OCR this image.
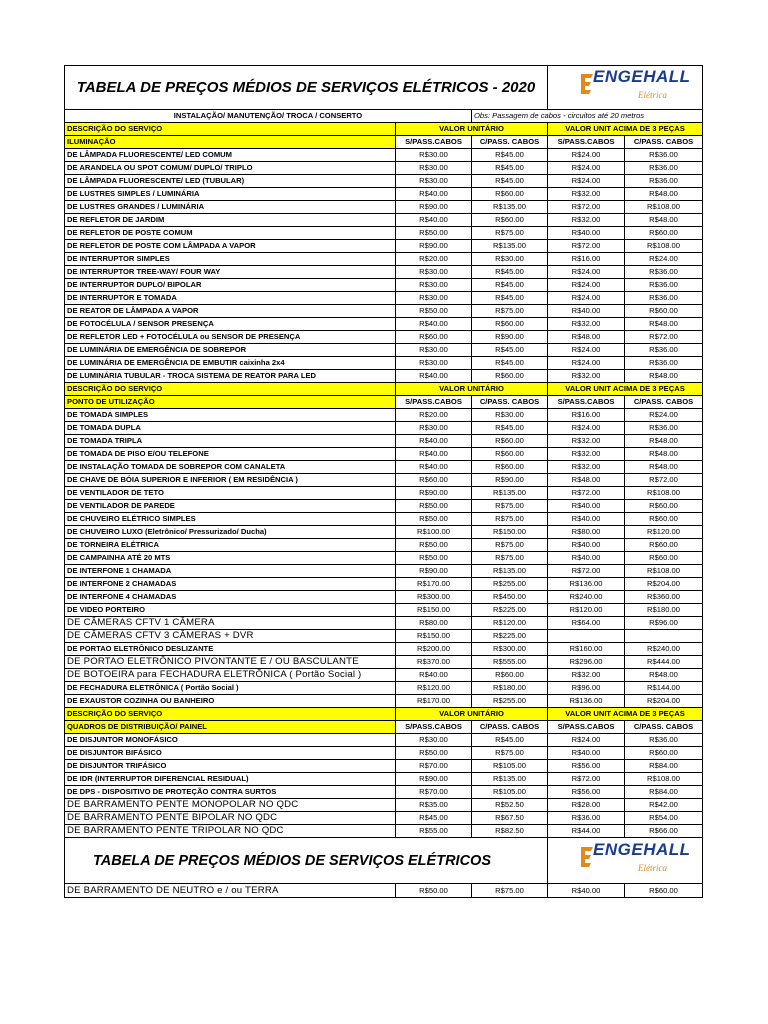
TABELA DE PREÇOS MÉDIOS DE SERVIÇOS ELÉTRICOS - 2020			ENGEHALL
Elétrica	

INSTALAÇÃO/ MANUTENÇÃO/ TROCA / CONSERTO		Obs: Passagem de cabos - circuitos até 20 metros		
DESCRIÇÃO DO SERVIÇO	VALOR UNITÁRIO		VALOR UNIT ACIMA DE 3 PEÇAS	
ILUMINAÇÃO	S/PASS.CABOS	C/PASS. CABOS	S/PASS.CABOS	C/PASS. CABOS
DE LÂMPADA FLUORESCENTE/ LED COMUM	R$30.00	R$45.00	R$24.00	R$36.00
DE ARANDELA OU SPOT COMUM/ DUPLO/ TRIPLO	R$30.00	R$45.00	R$24.00	R$36.00
DE LÂMPADA FLUORESCENTE/ LED (TUBULAR)	R$30.00	R$45.00	R$24.00	R$36.00
DE LUSTRES SIMPLES / LUMINÁRIA	R$40.00	R$60.00	R$32.00	R$48.00
DE LUSTRES GRANDES / LUMINÁRIA	R$90.00	R$135.00	R$72.00	R$108.00
DE REFLETOR DE JARDIM	R$40.00	R$60.00	R$32.00	R$48.00
DE REFLETOR DE POSTE COMUM	R$50.00	R$75.00	R$40.00	R$60.00
DE REFLETOR DE POSTE COM LÂMPADA A VAPOR	R$90.00	R$135.00	R$72.00	R$108.00
DE INTERRUPTOR SIMPLES	R$20.00	R$30.00	R$16.00	R$24.00
DE INTERRUPTOR TREE-WAY/ FOUR WAY	R$30.00	R$45.00	R$24.00	R$36.00
DE INTERRUPTOR DUPLO/ BIPOLAR	R$30.00	R$45.00	R$24.00	R$36.00
DE INTERRUPTOR E TOMADA	R$30.00	R$45.00	R$24.00	R$36.00
DE REATOR DE LÂMPADA A VAPOR	R$50.00	R$75.00	R$40.00	R$60.00
DE FOTOCÉLULA / SENSOR PRESENÇA	R$40.00	R$60.00	R$32.00	R$48.00
DE REFLETOR LED + FOTOCÉLULA ou SENSOR DE PRESENÇA	R$60.00	R$90.00	R$48.00	R$72.00
DE LUMINÁRIA DE EMERGÊNCIA DE SOBREPOR	R$30.00	R$45.00	R$24.00	R$36.00
DE LUMINÁRIA DE EMERGÊNCIA DE EMBUTIR caixinha 2x4	R$30.00	R$45.00	R$24.00	R$36.00
DE LUMINÁRIA TUBULAR - TROCA SISTEMA DE REATOR PARA LED	R$40.00	R$60.00	R$32.00	R$48.00
DESCRIÇÃO DO SERVIÇO	VALOR UNITÁRIO		VALOR UNIT ACIMA DE 3 PEÇAS	
PONTO DE UTILIZAÇÃO	S/PASS.CABOS	C/PASS. CABOS	S/PASS.CABOS	C/PASS. CABOS
DE TOMADA SIMPLES	R$20.00	R$30.00	R$16.00	R$24.00
DE TOMADA DUPLA	R$30.00	R$45.00	R$24.00	R$36.00
DE TOMADA TRIPLA	R$40.00	R$60.00	R$32.00	R$48.00
DE TOMADA DE PISO E/OU TELEFONE	R$40.00	R$60.00	R$32.00	R$48.00
DE INSTALAÇÃO TOMADA DE SOBREPOR COM CANALETA	R$40.00	R$60.00	R$32.00	R$48.00
DE CHAVE DE BÓIA SUPERIOR E INFERIOR ( EM RESIDÊNCIA )	R$60.00	R$90.00	R$48.00	R$72.00
DE VENTILADOR DE TETO	R$90.00	R$135.00	R$72.00	R$108.00
DE VENTILADOR DE PAREDE	R$50.00	R$75.00	R$40.00	R$60.00
DE CHUVEIRO ELÉTRICO SIMPLES	R$50.00	R$75.00	R$40.00	R$60.00
DE CHUVEIRO LUXO (Eletrônico/ Pressurizado/ Ducha)	R$100.00	R$150.00	R$80.00	R$120.00
DE TORNEIRA ELÉTRICA	R$50.00	R$75.00	R$40.00	R$60.00
DE CAMPAINHA ATÉ 20 MTS	R$50.00	R$75.00	R$40.00	R$60.00
DE INTERFONE 1 CHAMADA	R$90.00	R$135.00	R$72.00	R$108.00
DE INTERFONE 2 CHAMADAS	R$170.00	R$255.00	R$136.00	R$204.00
DE INTERFONE 4 CHAMADAS	R$300.00	R$450.00	R$240.00	R$360.00
DE VIDEO PORTEIRO	R$150.00	R$225.00	R$120.00	R$180.00
DE CÂMERAS CFTV 1 CÂMERA	R$80.00	R$120.00	R$64.00	R$96.00
DE CÂMERAS CFTV 3 CÂMERAS + DVR	R$150.00	R$225.00		
DE PORTAO ELETRÔNICO DESLIZANTE	R$200.00	R$300.00	R$160.00	R$240.00
DE PORTAO ELETRÔNICO PIVONTANTE E / OU BASCULANTE	R$370.00	R$555.00	R$296.00	R$444.00
DE BOTOEIRA para FECHADURA ELETRÔNICA ( Portão Social )	R$40.00	R$60.00	R$32.00	R$48.00
DE FECHADURA ELETRÔNICA ( Portão Social )	R$120.00	R$180.00	R$96.00	R$144.00
DE EXAUSTOR COZINHA OU BANHEIRO	R$170.00	R$255.00	R$136.00	R$204.00
DESCRIÇÃO DO SERVIÇO	VALOR UNITÁRIO		VALOR UNIT ACIMA DE 3 PEÇAS	
QUADROS DE DISTRIBUIÇÃO/ PAINEL	S/PASS.CABOS	C/PASS. CABOS	S/PASS.CABOS	C/PASS. CABOS
DE DISJUNTOR MONOFÁSICO	R$30.00	R$45.00	R$24.00	R$36.00
DE DISJUNTOR BIFÁSICO	R$50.00	R$75.00	R$40.00	R$60.00
DE DISJUNTOR TRIFÁSICO	R$70.00	R$105.00	R$56.00	R$84.00
DE IDR (INTERRUPTOR DIFERENCIAL RESIDUAL)	R$90.00	R$135.00	R$72.00	R$108.00
DE DPS - DISPOSITIVO DE PROTEÇÃO CONTRA SURTOS	R$70.00	R$105.00	R$56.00	R$84.00
DE BARRAMENTO PENTE MONOPOLAR NO QDC	R$35.00	R$52.50	R$28.00	R$42.00
DE BARRAMENTO PENTE BIPOLAR NO QDC	R$45.00	R$67.50	R$36.00	R$54.00
DE BARRAMENTO PENTE TRIPOLAR NO QDC	R$55.00	R$82.50	R$44.00	R$66.00
TABELA DE PREÇOS MÉDIOS DE SERVIÇOS ELÉTRICOS			ENGEHALL
Elétrica	

DE BARRAMENTO DE NEUTRO e / ou TERRA	R$50.00	R$75.00	R$40.00	R$60.00
